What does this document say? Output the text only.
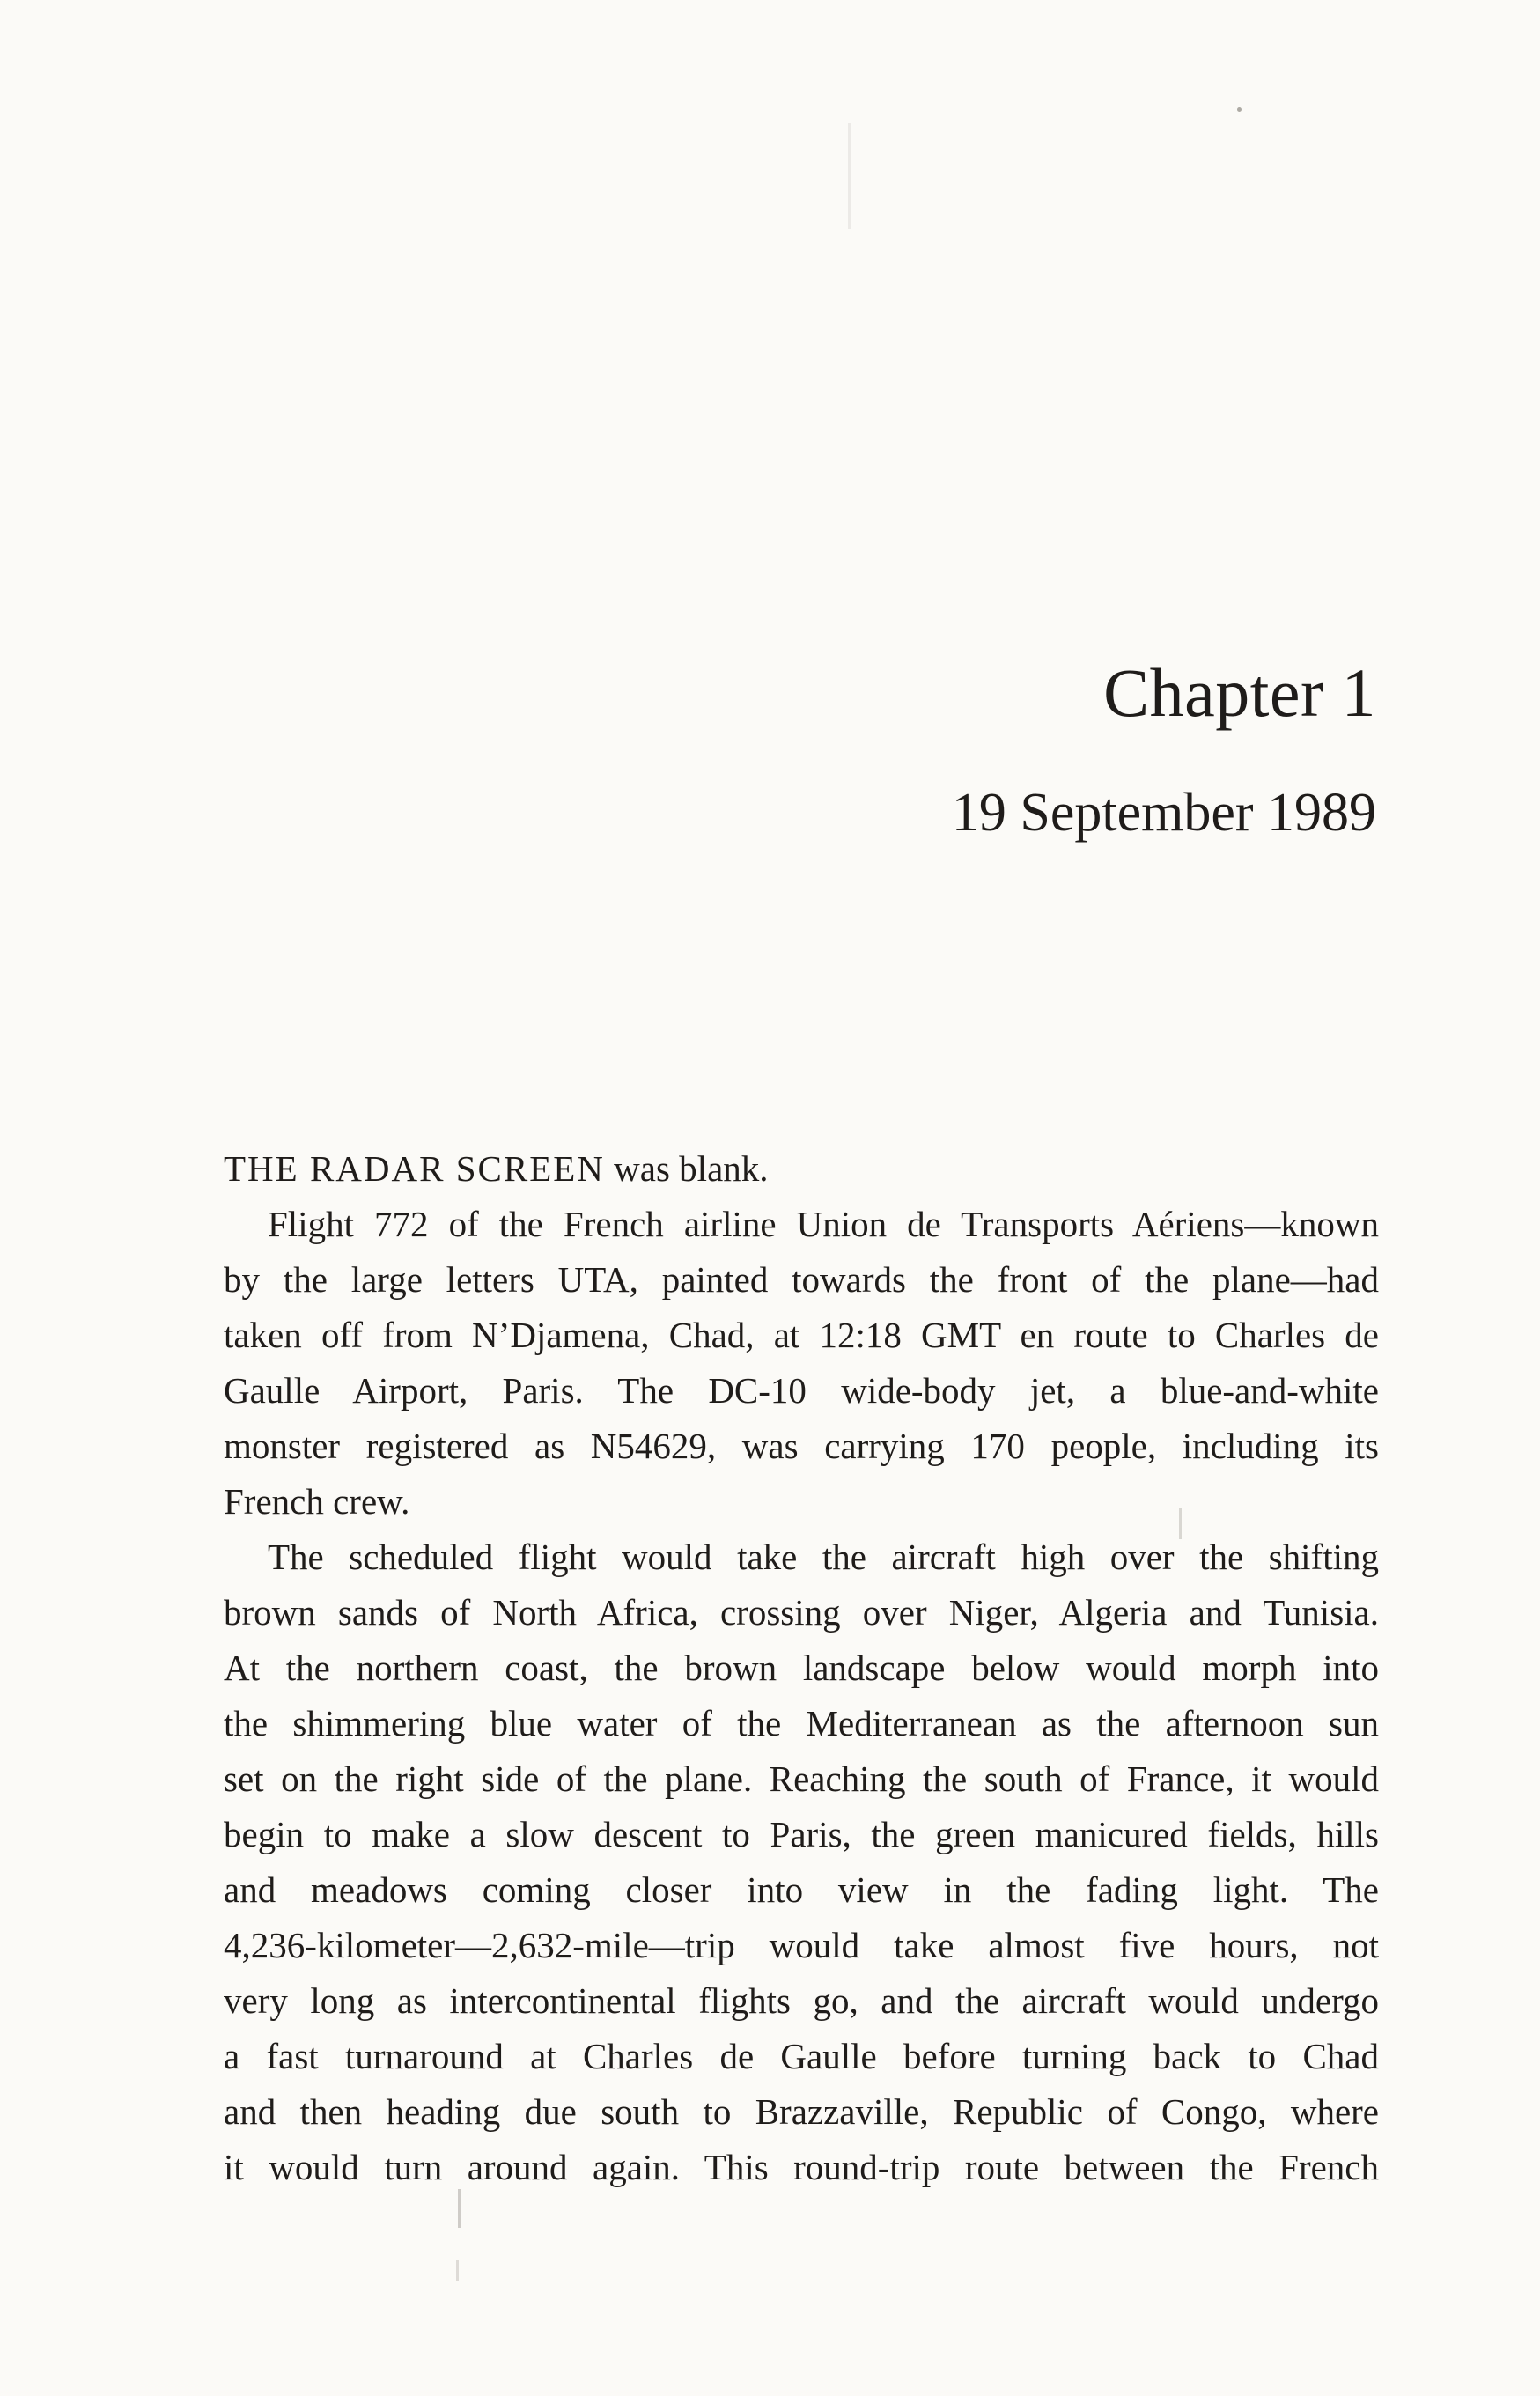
Chapter 1
19 September 1989

THE RADAR SCREEN was blank.

Flight 772 of the French airline Union de Transports Aériens—known
by the large letters UTA, painted towards the front of the plane—had
taken off from N’Djamena, Chad, at 12:18 GMT en route to Charles de
Gaulle Airport, Paris. The DC-10 wide-body jet, a blue-and-white
monster registered as N54629, was carrying 170 people, including its
French crew.

The scheduled flight would take the aircraft high over the shifting
brown sands of North Africa, crossing over Niger, Algeria and Tunisia.
At the northern coast, the brown landscape below would morph into
the shimmering blue water of the Mediterranean as the afternoon sun
set on the right side of the plane. Reaching the south of France, it would
begin to make a slow descent to Paris, the green manicured fields, hills
and meadows coming closer into view in the fading light. The
4,236-kilometer—2,632-mile—trip would take almost five hours, not
very long as intercontinental flights go, and the aircraft would undergo
a fast turnaround at Charles de Gaulle before turning back to Chad
and then heading due south to Brazzaville, Republic of Congo, where
it would turn around again. This round-trip route between the French
